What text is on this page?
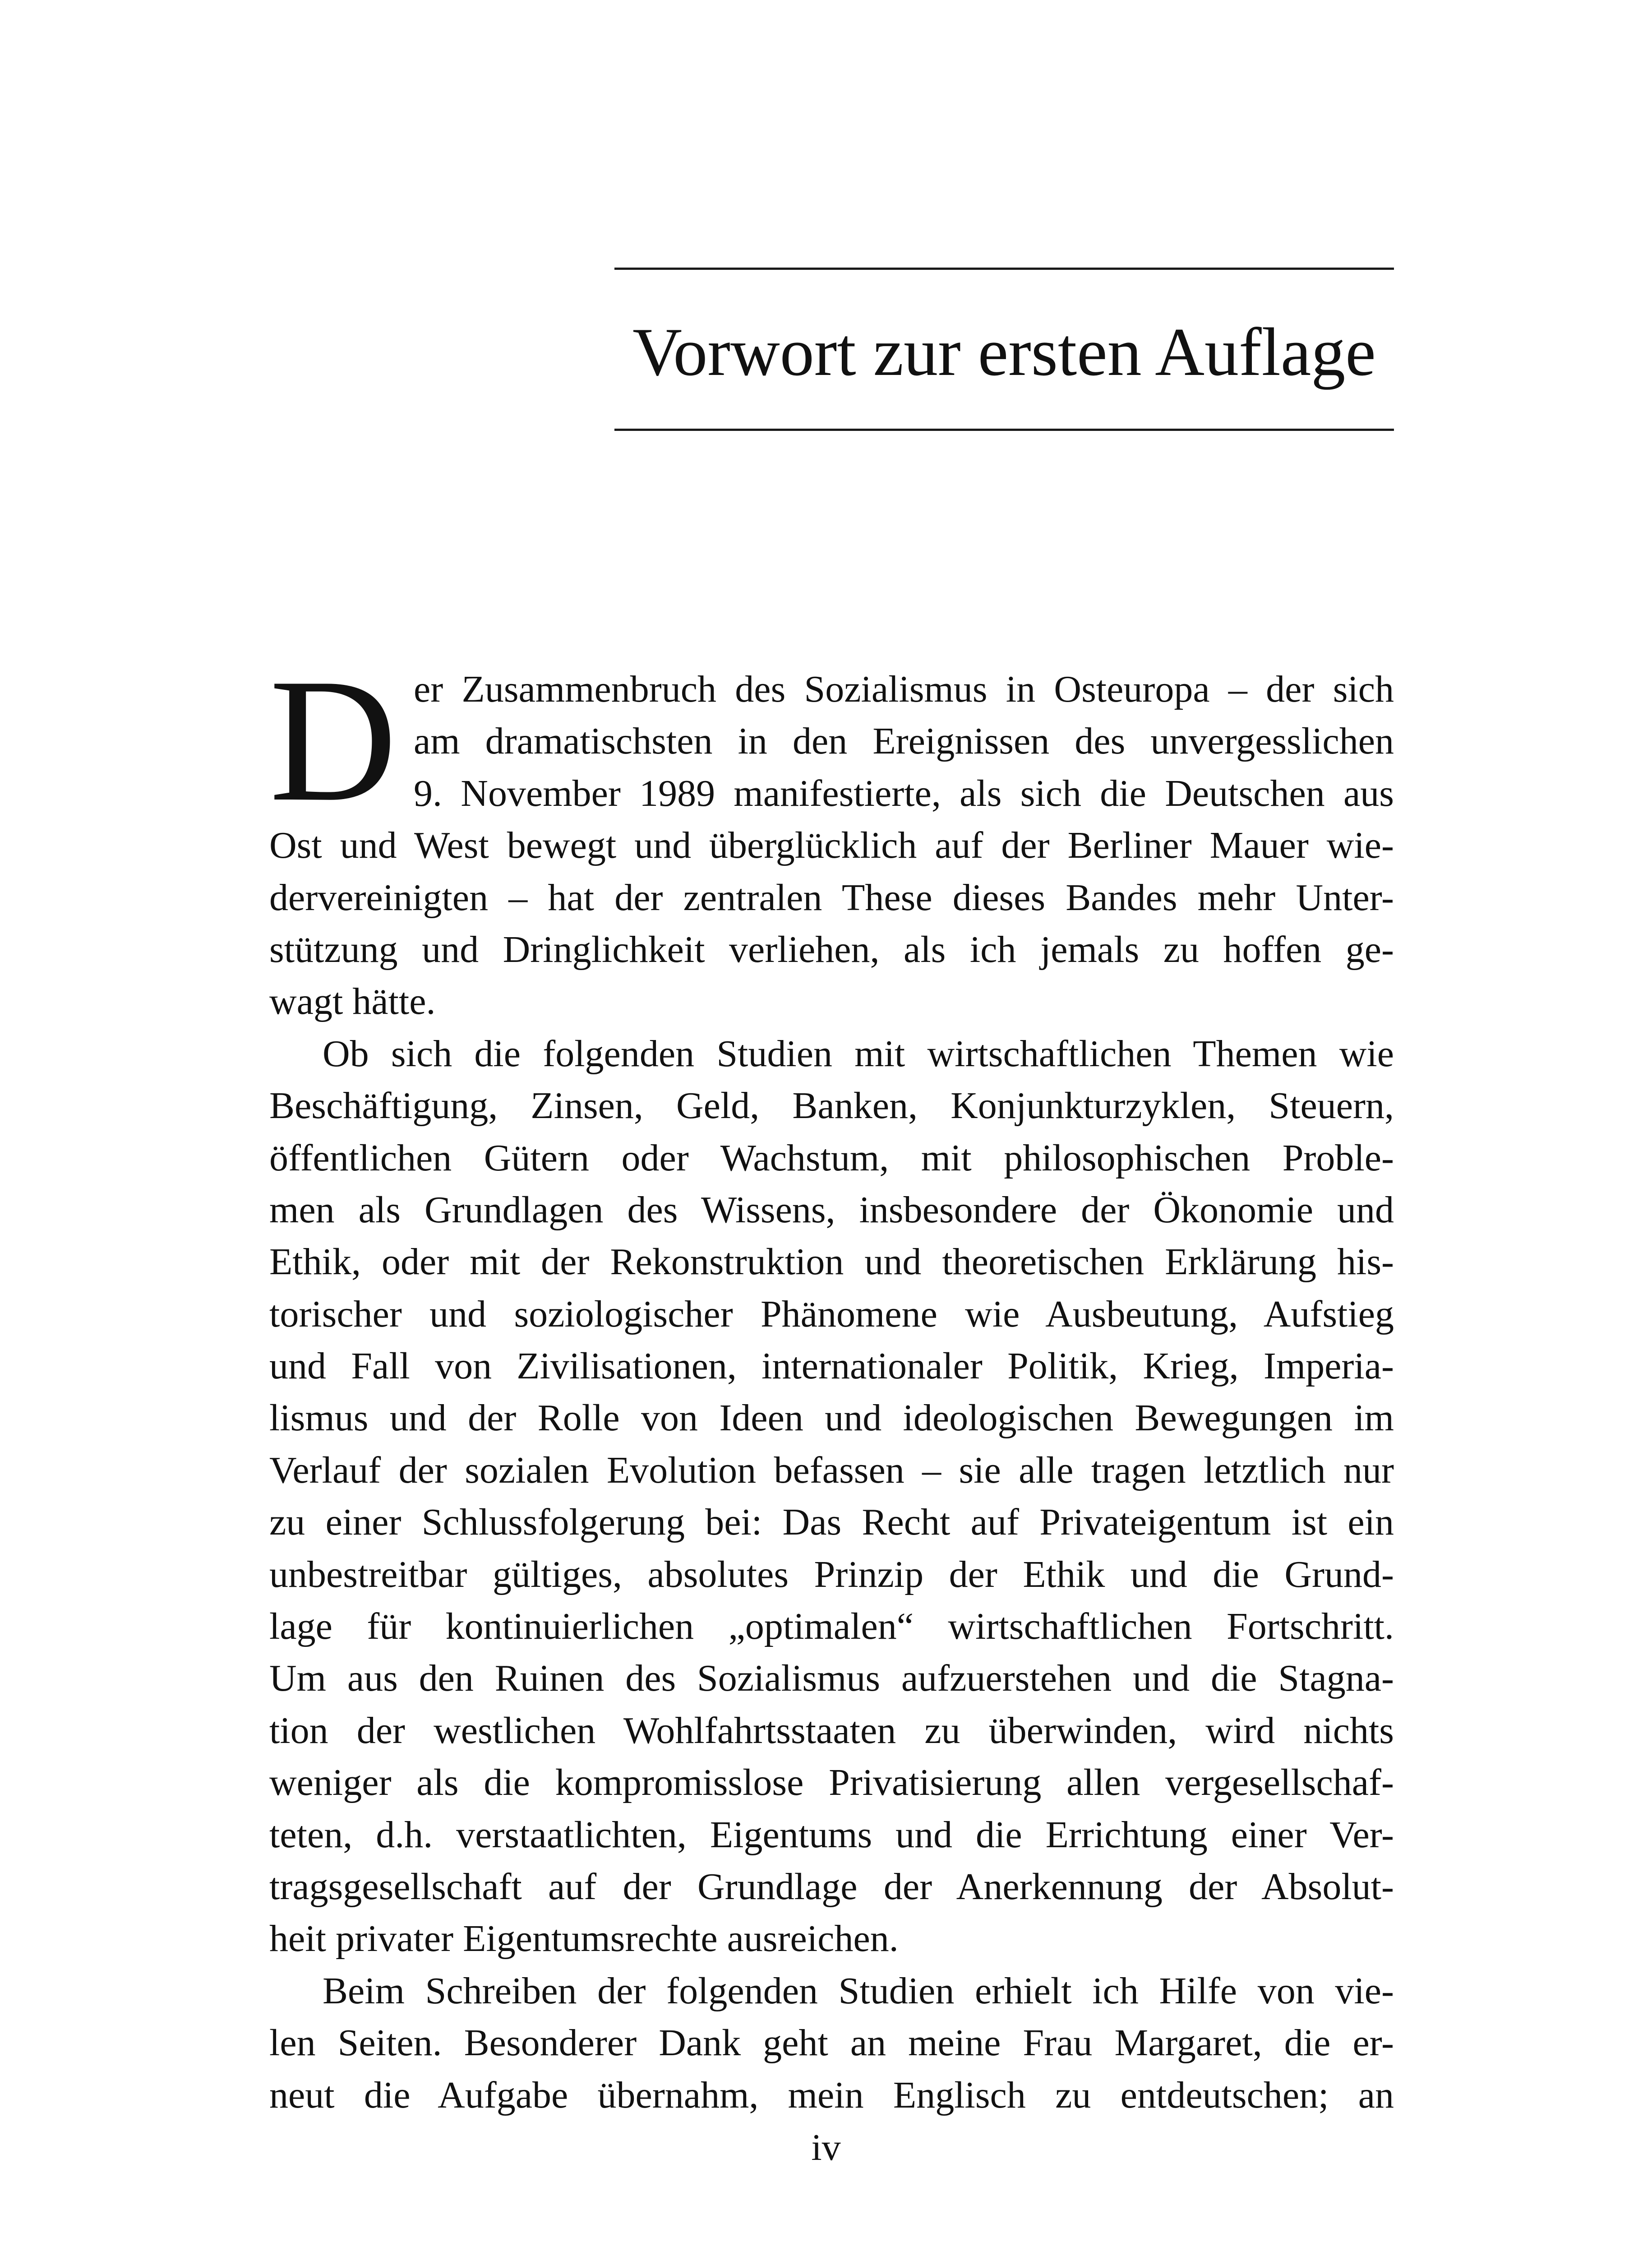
Vorwort zur ersten Auflage
D er Zusammenbruch des Sozialismus in Osteuropa – der sich
am dramatischsten in den Ereignissen des unvergesslichen
9. November 1989 manifestierte, als sich die Deutschen aus
Ost und West bewegt und überglücklich auf der Berliner Mauer wie-
dervereinigten – hat der zentralen These dieses Bandes mehr Unter-
stützung und Dringlichkeit verliehen, als ich jemals zu hoffen ge-
wagt hätte.
Ob sich die folgenden Studien mit wirtschaftlichen Themen wie
Beschäftigung, Zinsen, Geld, Banken, Konjunkturzyklen, Steuern,
öffentlichen Gütern oder Wachstum, mit philosophischen Proble-
men als Grundlagen des Wissens, insbesondere der Ökonomie und
Ethik, oder mit der Rekonstruktion und theoretischen Erklärung his-
torischer und soziologischer Phänomene wie Ausbeutung, Aufstieg
und Fall von Zivilisationen, internationaler Politik, Krieg, Imperia-
lismus und der Rolle von Ideen und ideologischen Bewegungen im
Verlauf der sozialen Evolution befassen – sie alle tragen letztlich nur
zu einer Schlussfolgerung bei: Das Recht auf Privateigentum ist ein
unbestreitbar gültiges, absolutes Prinzip der Ethik und die Grund-
lage für kontinuierlichen „optimalen“ wirtschaftlichen Fortschritt.
Um aus den Ruinen des Sozialismus aufzuerstehen und die Stagna-
tion der westlichen Wohlfahrtsstaaten zu überwinden, wird nichts
weniger als die kompromisslose Privatisierung allen vergesellschaf-
teten, d.h. verstaatlichten, Eigentums und die Errichtung einer Ver-
tragsgesellschaft auf der Grundlage der Anerkennung der Absolut-
heit privater Eigentumsrechte ausreichen.
Beim Schreiben der folgenden Studien erhielt ich Hilfe von vie-
len Seiten. Besonderer Dank geht an meine Frau Margaret, die er-
neut die Aufgabe übernahm, mein Englisch zu entdeutschen; an
iv
